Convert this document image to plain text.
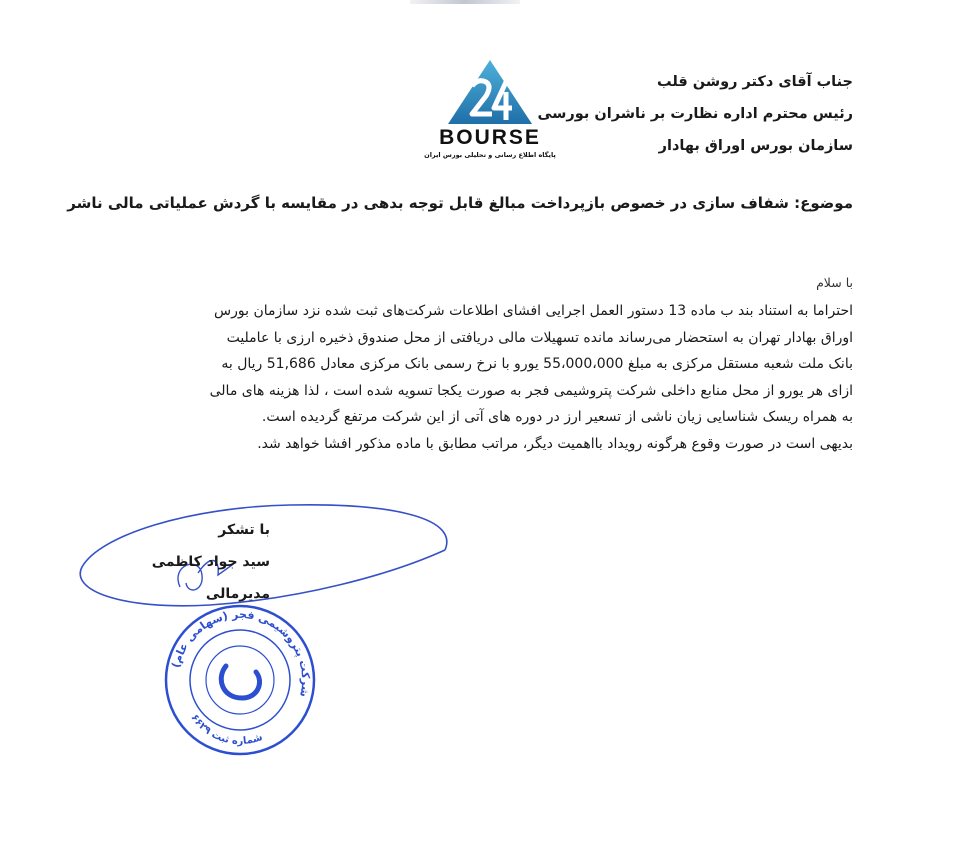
BOURSE
پایگاه اطلاع رسانی و تحلیلی بورس ایران
جناب آقای دکتر روشن قلب
رئیس محترم اداره نظارت بر ناشران بورسی
سازمان بورس اوراق بهادار
موضوع: شفاف سازی در خصوص بازپرداخت مبالغ قابل توجه بدهی در مقایسه با گردش عملیاتی مالی ناشر
با سلام

احتراما به استناد بند ب ماده 13 دستور العمل اجرایی افشای اطلاعات شرکت‌های ثبت شده نزد سازمان بورس

اوراق بهادار تهران به استحضار می‌رساند مانده تسهیلات مالی دریافتی از محل صندوق ذخیره ارزی با عاملیت

بانک ملت شعبه مستقل مرکزی به مبلغ 55،000،000 یورو با نرخ رسمی بانک مرکزی معادل 51,686 ریال به

ازای هر یورو از محل منابع داخلی شرکت پتروشیمی فجر به صورت یکجا تسویه شده است ، لذا هزینه های مالی

به همراه ریسک شناسایی زیان ناشی از تسعیر ارز در دوره های آتی از این شرکت مرتفع گردیده است.

بدیهی است در صورت وقوع هرگونه رویداد بااهمیت دیگر، مراتب مطابق با ماده مذکور افشا خواهد شد.

با تشکر
سید جواد کاظمی
مدیرمالی
شرکت پتروشیمی فجر (سهامی عام)
شماره ثبت ۶۶۲۹
